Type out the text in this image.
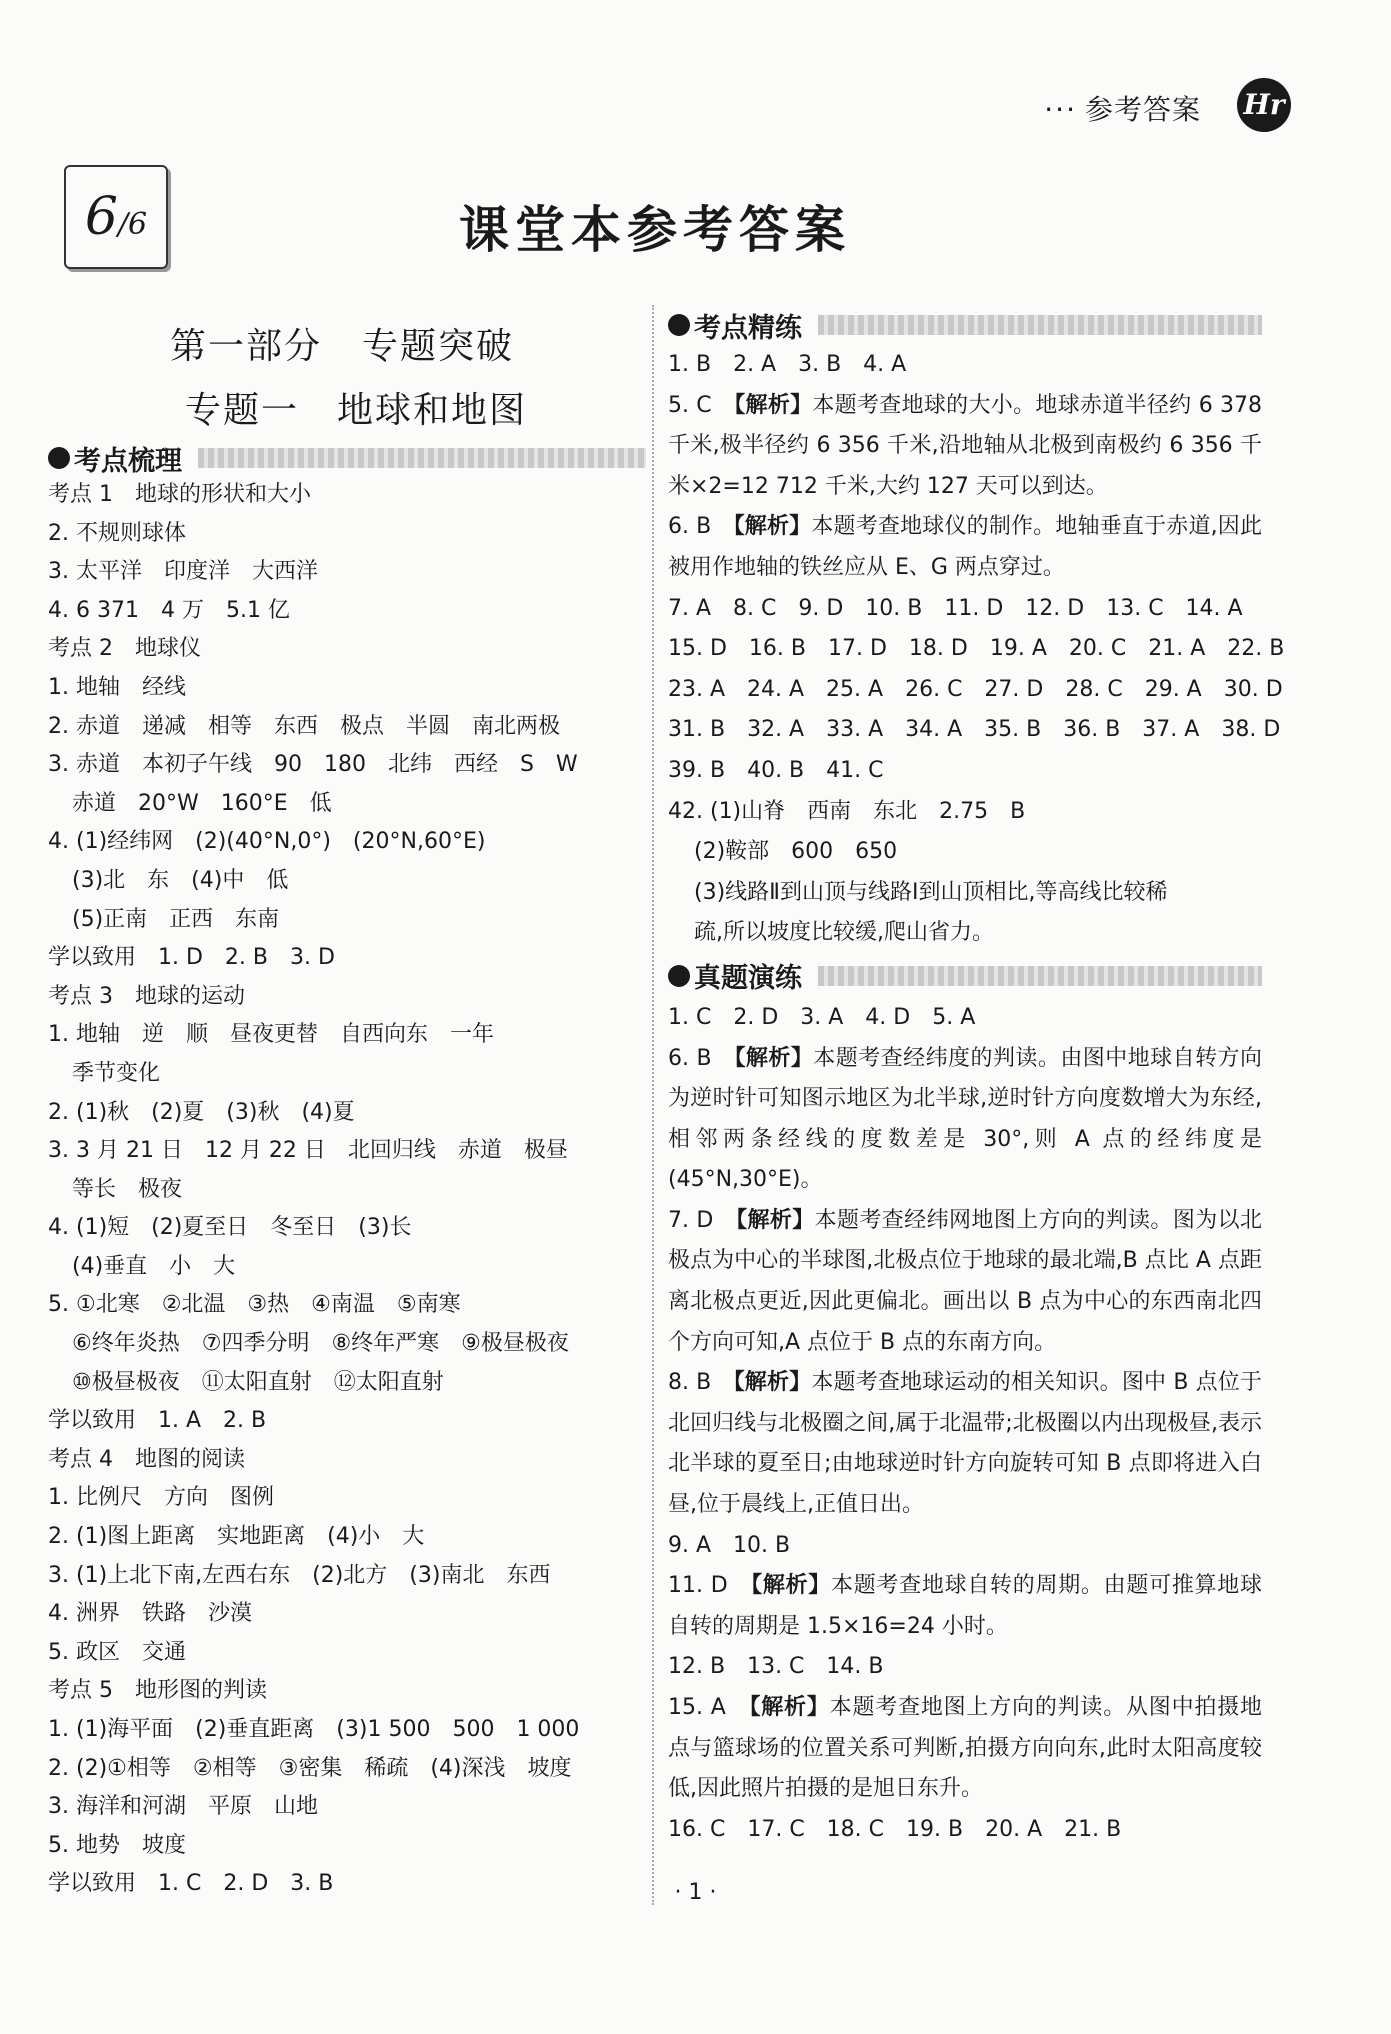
··· 参考答案 Hr
6/6	课堂本参考答案
第一部分 专题突破
专题一　地球和地图
考点梳理
考点 1　地球的形状和大小
2. 不规则球体
3. 太平洋　印度洋　大西洋
4. 6 371　4 万　5.1 亿
考点 2　地球仪
1. 地轴　经线
2. 赤道　递减　相等　东西　极点　半圆　南北两极
3. 赤道　本初子午线　90　180　北纬　西经　S　W
赤道　20°W　160°E　低
4. (1)经纬网　(2)(40°N,0°)　(20°N,60°E)
(3)北　东　(4)中　低
(5)正南　正西　东南
学以致用　1. D　2. B　3. D
考点 3　地球的运动
1. 地轴　逆　顺　昼夜更替　自西向东　一年
季节变化
2. (1)秋　(2)夏　(3)秋　(4)夏
3. 3 月 21 日　12 月 22 日　北回归线　赤道　极昼
等长　极夜
4. (1)短　(2)夏至日　冬至日　(3)长
(4)垂直　小　大
5. ①北寒　②北温　③热　④南温　⑤南寒
⑥终年炎热　⑦四季分明　⑧终年严寒　⑨极昼极夜
⑩极昼极夜　⑪太阳直射　⑫太阳直射
学以致用　1. A　2. B
考点 4　地图的阅读
1. 比例尺　方向　图例
2. (1)图上距离　实地距离　(4)小　大
3. (1)上北下南,左西右东　(2)北方　(3)南北　东西
4. 洲界　铁路　沙漠
5. 政区　交通
考点 5　地形图的判读
1. (1)海平面　(2)垂直距离　(3)1 500　500　1 000
2. (2)①相等　②相等　③密集　稀疏　(4)深浅　坡度
3. 海洋和河湖　平原　山地
5. 地势　坡度
学以致用　1. C　2. D　3. B
考点精练
1. B　2. A　3. B　4. A
5. C　【解析】本题考查地球的大小。地球赤道半径约 6 378 千米,极半径约 6 356 千米,沿地轴从北极到南极约 6 356 千米×2=12 712 千米,大约 127 天可以到达。
6. B　【解析】本题考查地球仪的制作。地轴垂直于赤道,因此被用作地轴的铁丝应从 E、G 两点穿过。
7. A　8. C　9. D　10. B　11. D　12. D　13. C　14. A
15. D　16. B　17. D　18. D　19. A　20. C　21. A　22. B
23. A　24. A　25. A　26. C　27. D　28. C　29. A　30. D
31. B　32. A　33. A　34. A　35. B　36. B　37. A　38. D
39. B　40. B　41. C
42. (1)山脊　西南　东北　2.75　B
(2)鞍部　600　650
(3)线路Ⅱ到山顶与线路Ⅰ到山顶相比,等高线比较稀
疏,所以坡度比较缓,爬山省力。
真题演练
1. C　2. D　3. A　4. D　5. A
6. B　【解析】本题考查经纬度的判读。由图中地球自转方向为逆时针可知图示地区为北半球,逆时针方向度数增大为东经,相邻两条经线的度数差是 30°,则 A 点的经纬度是(45°N,30°E)。
7. D　【解析】本题考查经纬网地图上方向的判读。图为以北极点为中心的半球图,北极点位于地球的最北端,B 点比 A 点距离北极点更近,因此更偏北。画出以 B 点为中心的东西南北四个方向可知,A 点位于 B 点的东南方向。
8. B　【解析】本题考查地球运动的相关知识。图中 B 点位于北回归线与北极圈之间,属于北温带;北极圈以内出现极昼,表示北半球的夏至日;由地球逆时针方向旋转可知 B 点即将进入白昼,位于晨线上,正值日出。
9. A　10. B
11. D　【解析】本题考查地球自转的周期。由题可推算地球自转的周期是 1.5×16=24 小时。
12. B　13. C　14. B
15. A　【解析】本题考查地图上方向的判读。从图中拍摄地点与篮球场的位置关系可判断,拍摄方向向东,此时太阳高度较低,因此照片拍摄的是旭日东升。
16. C　17. C　18. C　19. B　20. A　21. B
· 1 ·
